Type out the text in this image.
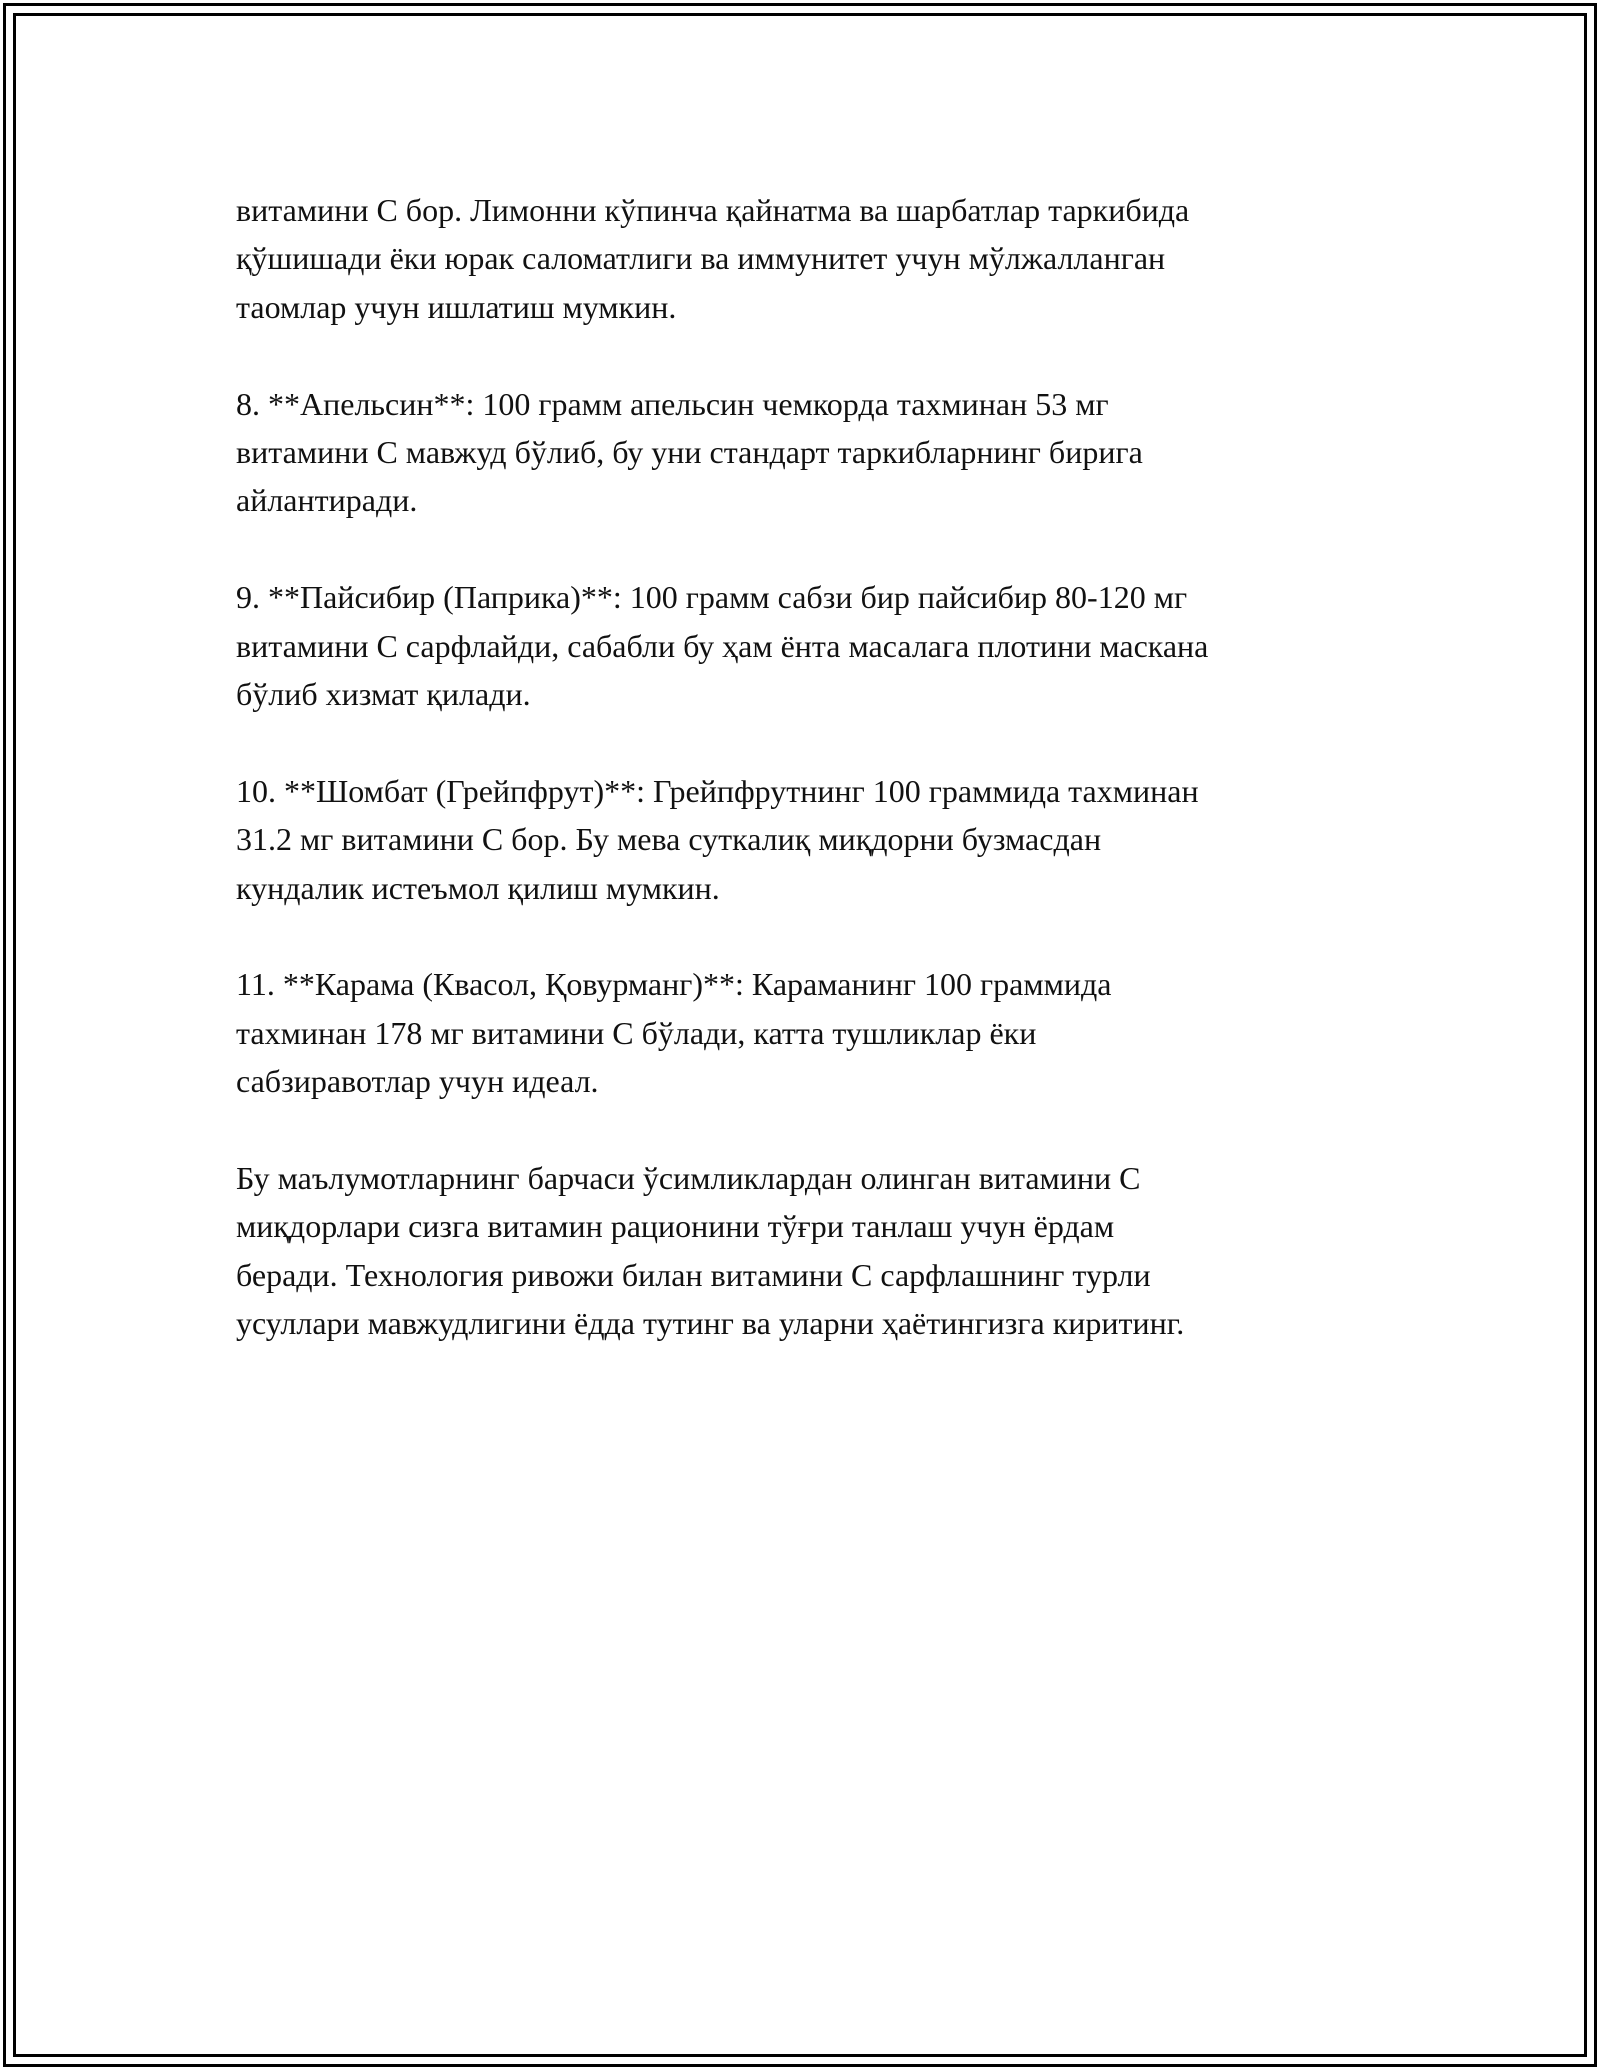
витамини С бор. Лимонни кўпинча қайнатма ва шарбатлар таркибида
қўшишади ёки юрак саломатлиги ва иммунитет учун мўлжалланган
таомлар учун ишлатиш мумкин.

8. **Апельсин**: 100 грамм апельсин чемкорда тахминан 53 мг
витамини С мавжуд бўлиб, бу уни стандарт таркибларнинг бирига
айлантиради.

9. **Пайсибир (Паприка)**: 100 грамм сабзи бир пайсибир 80-120 мг
витамини С сарфлайди, сабабли бу ҳам ёнта масалага плотини маскана
бўлиб хизмат қилади.

10. **Шомбат (Грейпфрут)**: Грейпфрутнинг 100 граммида тахминан
31.2 мг витамини С бор. Бу мева суткалиқ миқдорни бузмасдан
кундалик истеъмол қилиш мумкин.

11. **Карама (Квасол, Қовурманг)**: Караманинг 100 граммида
тахминан 178 мг витамини С бўлади, катта тушликлар ёки
сабзиравотлар учун идеал.

Бу маълумотларнинг барчаси ўсимликлардан олинган витамини С
миқдорлари сизга витамин рационини тўғри танлаш учун ёрдам
беради. Технология ривожи билан витамини С сарфлашнинг турли
усуллари мавжудлигини ёдда тутинг ва уларни ҳаётингизга киритинг.
